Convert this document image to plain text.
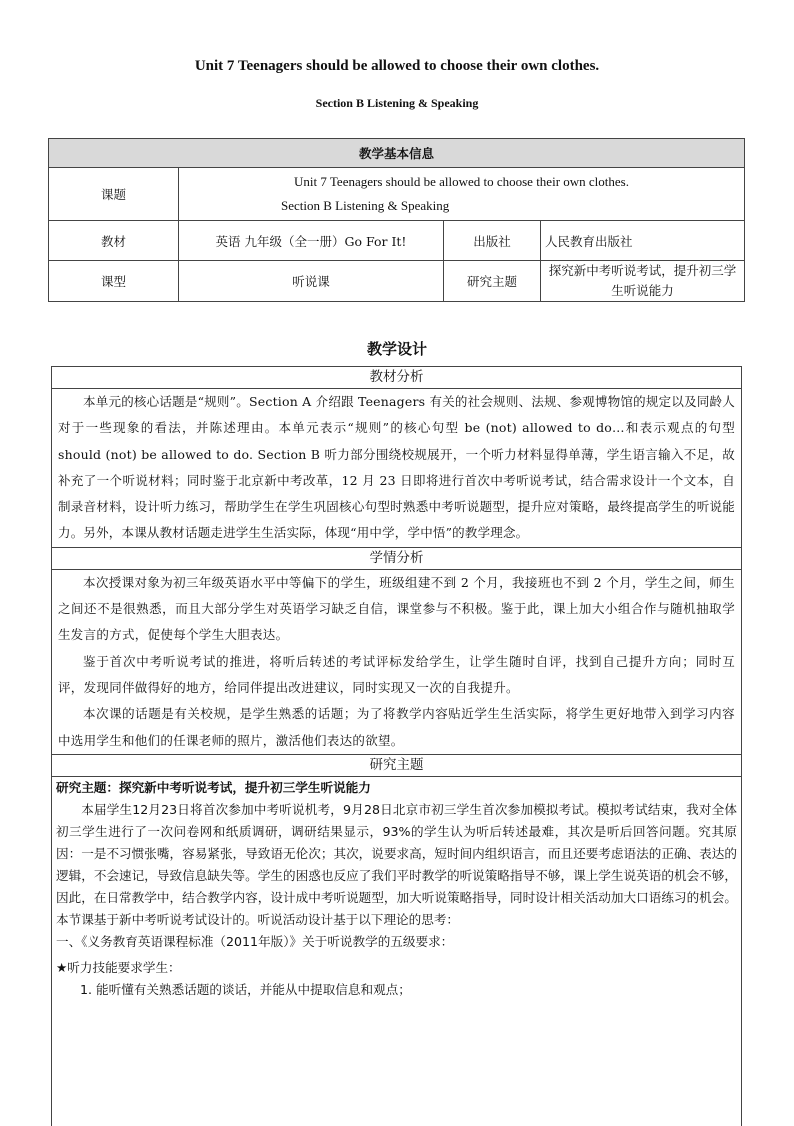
Unit 7 Teenagers should be allowed to choose their own clothes.
Section B Listening & Speaking
教学基本信息			
课题	Unit 7 Teenagers should be allowed to choose their own clothes.
Section B Listening & Speaking		

教材	英语 九年级（全一册）Go For It!	出版社	人民教育出版社
课型	听说课	研究主题	探究新中考听说考试，提升初三学生听说能力
教学设计
教材分析

本单元的核心话题是“规则”。Section A 介绍跟 Teenagers 有关的社会规则、法规、参观博物馆的规定以及同龄人对于一些现象的看法，并陈述理由。本单元表示“规则”的核心句型 be (not) allowed to do…和表示观点的句型 should (not) be allowed to do. Section B 听力部分围绕校规展开，一个听力材料显得单薄，学生语言输入不足，故补充了一个听说材料；同时鉴于北京新中考改革，12 月 23 日即将进行首次中考听说考试，结合需求设计一个文本，自制录音材料，设计听力练习，帮助学生在学生巩固核心句型时熟悉中考听说题型，提升应对策略，最终提高学生的听说能力。另外，本课从教材话题走进学生生活实际，体现“用中学，学中悟”的教学理念。

学情分析

本次授课对象为初三年级英语水平中等偏下的学生，班级组建不到 2 个月，我接班也不到 2 个月，学生之间，师生之间还不是很熟悉，而且大部分学生对英语学习缺乏自信，课堂参与不积极。鉴于此，课上加大小组合作与随机抽取学生发言的方式，促使每个学生大胆表达。

鉴于首次中考听说考试的推进，将听后转述的考试评标发给学生，让学生随时自评，找到自己提升方向；同时互评，发现同伴做得好的地方，给同伴提出改进建议，同时实现又一次的自我提升。

本次课的话题是有关校规，是学生熟悉的话题；为了将教学内容贴近学生生活实际，将学生更好地带入到学习内容中选用学生和他们的任课老师的照片，激活他们表达的欲望。

研究主题

研究主题：探究新中考听说考试，提升初三学生听说能力

本届学生12月23日将首次参加中考听说机考，9月28日北京市初三学生首次参加模拟考试。模拟考试结束，我对全体初三学生进行了一次问卷网和纸质调研，调研结果显示，93%的学生认为听后转述最难，其次是听后回答问题。究其原因：一是不习惯张嘴，容易紧张，导致语无伦次；其次，说要求高，短时间内组织语言，而且还要考虑语法的正确、表达的逻辑，不会速记，导致信息缺失等。学生的困惑也反应了我们平时教学的听说策略指导不够，课上学生说英语的机会不够，因此，在日常教学中，结合教学内容，设计成中考听说题型，加大听说策略指导，同时设计相关活动加大口语练习的机会。本节课基于新中考听说考试设计的。听说活动设计基于以下理论的思考：

一、《义务教育英语课程标准（2011年版）》关于听说教学的五级要求：

★听力技能要求学生：

1. 能听懂有关熟悉话题的谈话，并能从中提取信息和观点；
